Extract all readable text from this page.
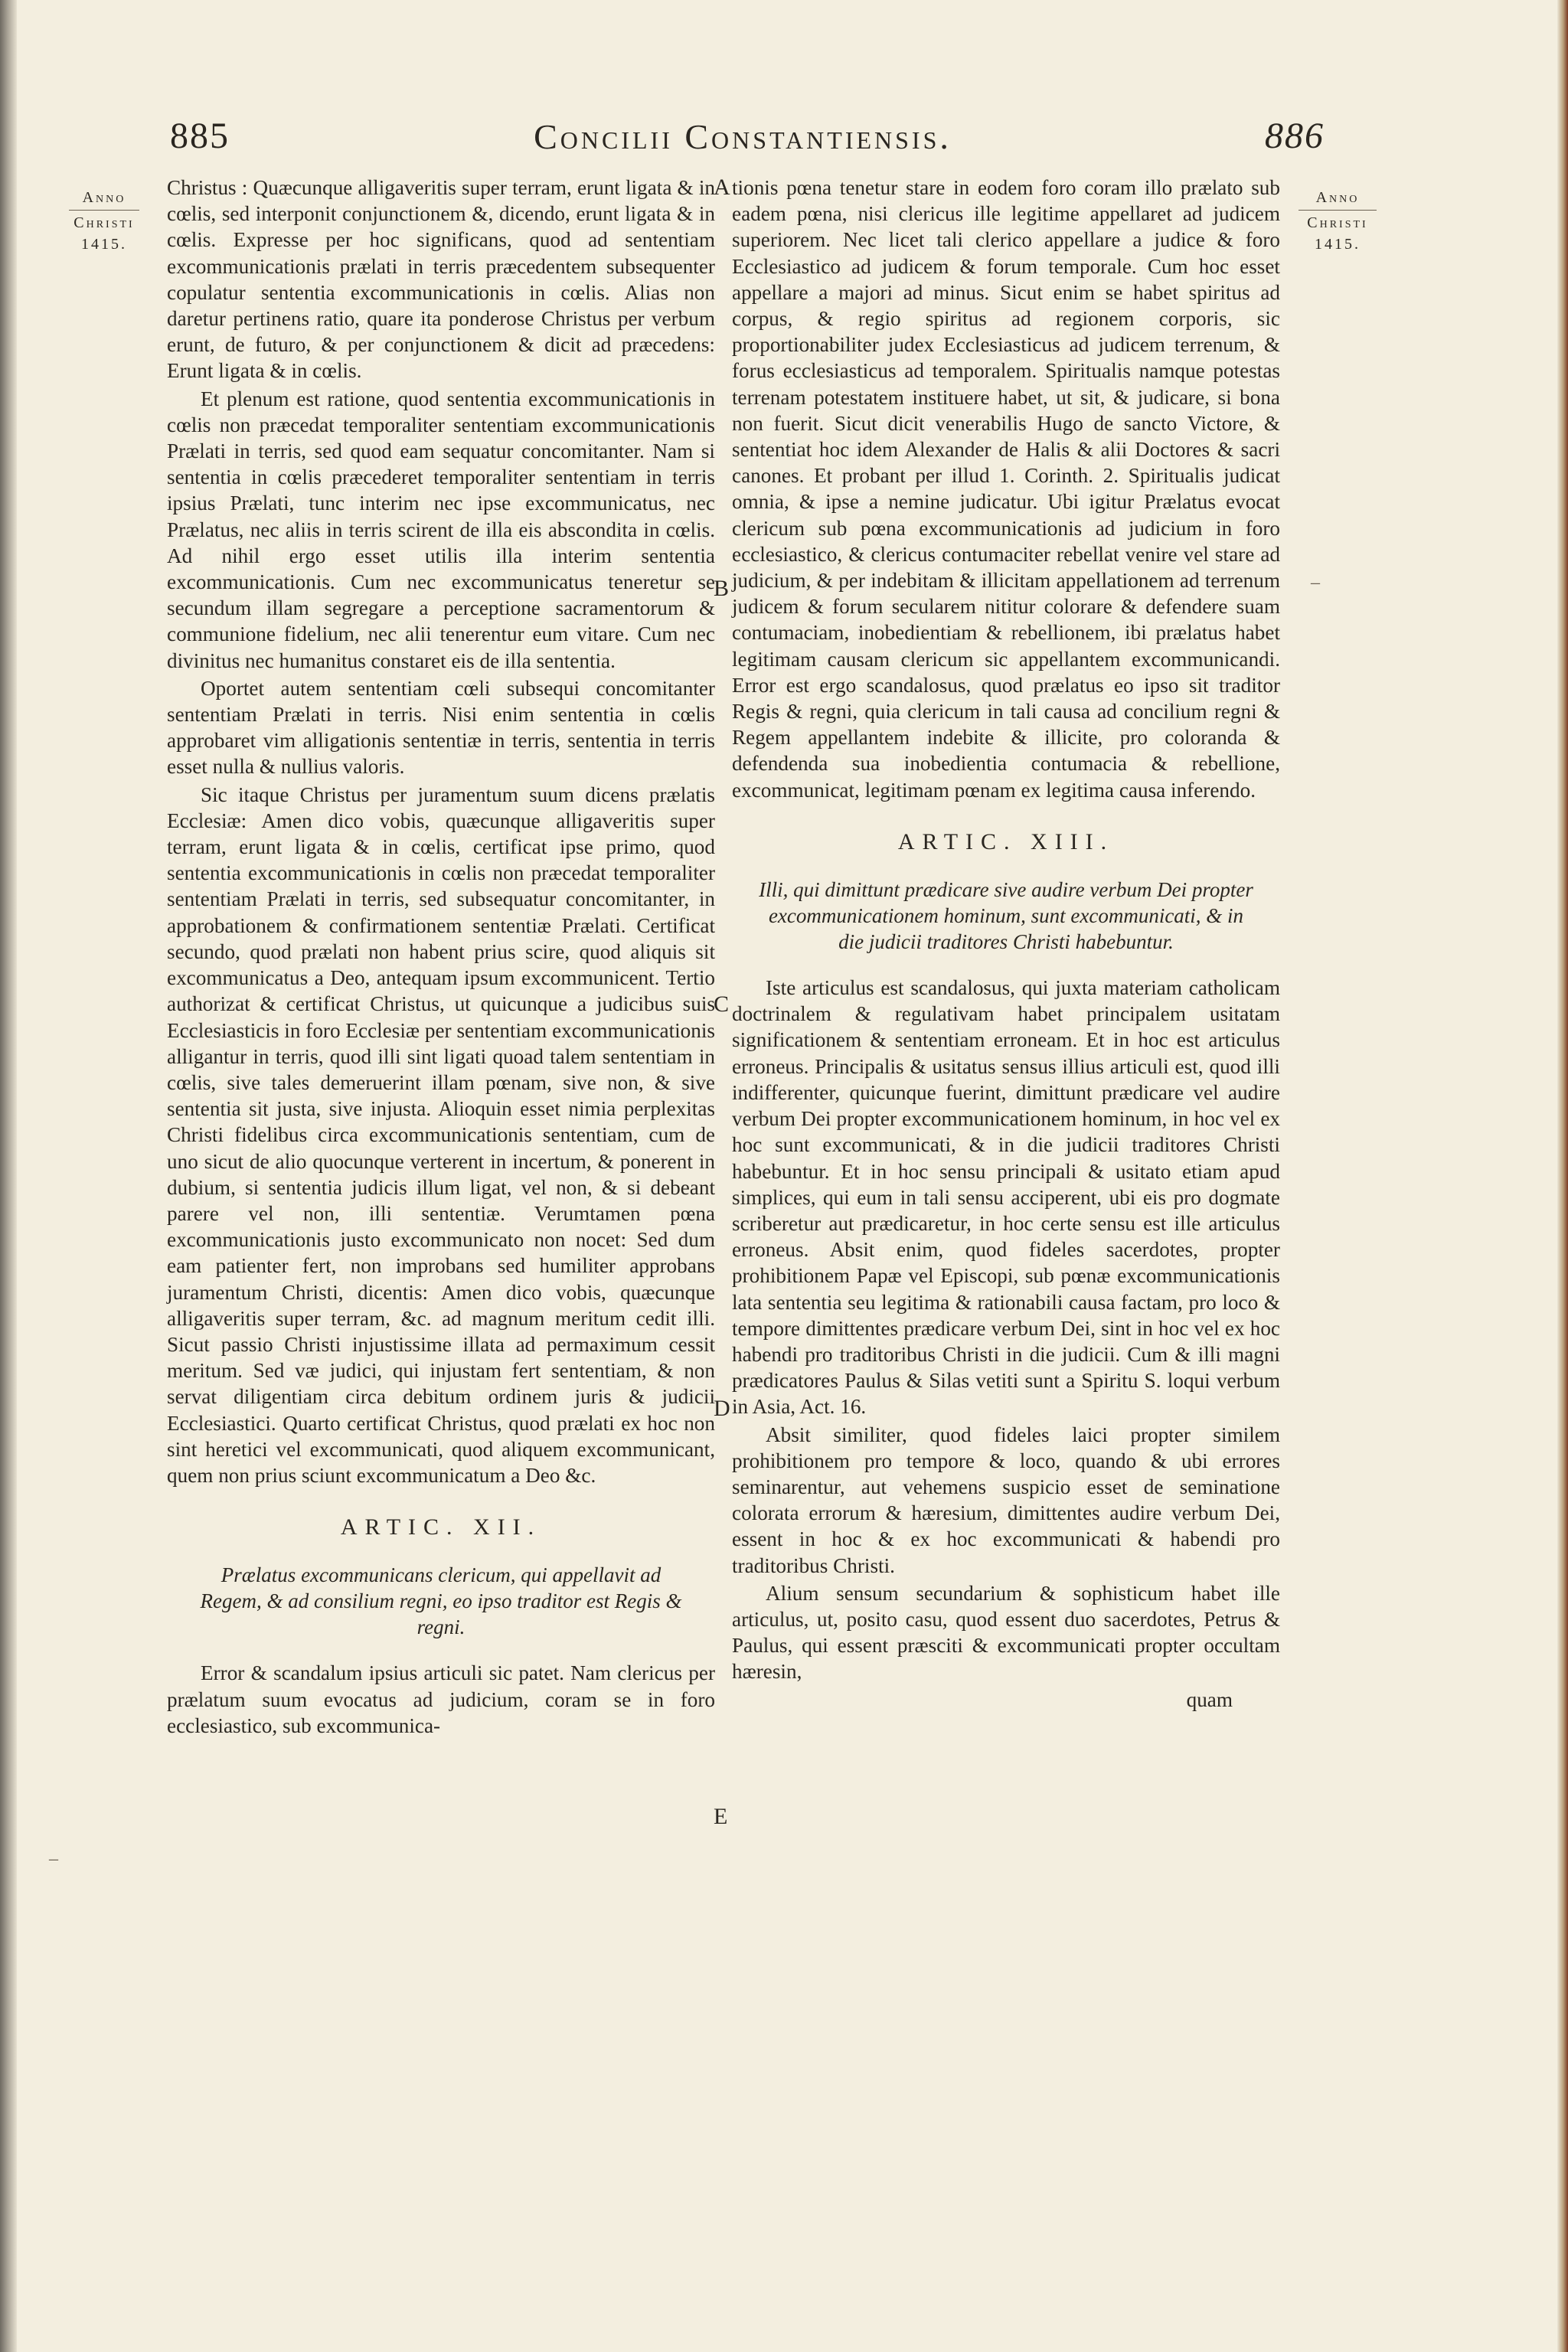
885	Concilii Constantiensis.	886
Anno
Christi
1415.
Anno
Christi
1415.
A
B
C
D
E
–
–

Christus : Quæcunque alligaveritis super terram, erunt ligata & in cœlis, sed interponit conjunctionem &, dicendo, erunt ligata & in cœlis. Expresse per hoc significans, quod ad sententiam excommunicationis prælati in terris præcedentem subsequenter copulatur sententia excommunicationis in cœlis. Alias non daretur pertinens ratio, quare ita ponderose Christus per verbum erunt, de futuro, & per conjunctionem & dicit ad præcedens: Erunt ligata & in cœlis.

Et plenum est ratione, quod sententia excommunicationis in cœlis non præcedat temporaliter sententiam excommunicationis Prælati in terris, sed quod eam sequatur concomitanter. Nam si sententia in cœlis præcederet temporaliter sententiam in terris ipsius Prælati, tunc interim nec ipse excommunicatus, nec Prælatus, nec aliis in terris scirent de illa eis abscondita in cœlis. Ad nihil ergo esset utilis illa interim sententia excommunicationis. Cum nec excommunicatus teneretur se secundum illam segregare a perceptione sacramentorum & communione fidelium, nec alii tenerentur eum vitare. Cum nec divinitus nec humanitus constaret eis de illa sententia.

Oportet autem sententiam cœli subsequi concomitanter sententiam Prælati in terris. Nisi enim sententia in cœlis approbaret vim alligationis sententiæ in terris, sententia in terris esset nulla & nullius valoris.

Sic itaque Christus per juramentum suum dicens prælatis Ecclesiæ: Amen dico vobis, quæcunque alligaveritis super terram, erunt ligata & in cœlis, certificat ipse primo, quod sententia excommunicationis in cœlis non præcedat temporaliter sententiam Prælati in terris, sed subsequatur concomitanter, in approbationem & confirmationem sententiæ Prælati. Certificat secundo, quod prælati non habent prius scire, quod aliquis sit excommunicatus a Deo, antequam ipsum excommunicent. Tertio authorizat & certificat Christus, ut quicunque a judicibus suis Ecclesiasticis in foro Ecclesiæ per sententiam excommunicationis alligantur in terris, quod illi sint ligati quoad talem sententiam in cœlis, sive tales demeruerint illam pœnam, sive non, & sive sententia sit justa, sive injusta. Alioquin esset nimia perplexitas Christi fidelibus circa excommunicationis sententiam, cum de uno sicut de alio quocunque verterent in incertum, & ponerent in dubium, si sententia judicis illum ligat, vel non, & si debeant parere vel non, illi sententiæ. Verumtamen pœna excommunicationis justo excommunicato non nocet: Sed dum eam patienter fert, non improbans sed humiliter approbans juramentum Christi, dicentis: Amen dico vobis, quæcunque alligaveritis super terram, &c. ad magnum meritum cedit illi. Sicut passio Christi injustissime illata ad permaximum cessit meritum. Sed væ judici, qui injustam fert sententiam, & non servat diligentiam circa debitum ordinem juris & judicii Ecclesiastici. Quarto certificat Christus, quod prælati ex hoc non sint heretici vel excommunicati, quod aliquem excommunicant, quem non prius sciunt excommunicatum a Deo &c.

ARTIC. XII.
Prælatus excommunicans clericum, qui appellavit ad Regem, & ad consilium regni, eo ipso traditor est Regis & regni.

Error & scandalum ipsius articuli sic patet. Nam clericus per prælatum suum evocatus ad judicium, coram se in foro ecclesiastico, sub excommunica-

tionis pœna tenetur stare in eodem foro coram illo prælato sub eadem pœna, nisi clericus ille legitime appellaret ad judicem superiorem. Nec licet tali clerico appellare a judice & foro Ecclesiastico ad judicem & forum temporale. Cum hoc esset appellare a majori ad minus. Sicut enim se habet spiritus ad corpus, & regio spiritus ad regionem corporis, sic proportionabiliter judex Ecclesiasticus ad judicem terrenum, & forus ecclesiasticus ad temporalem. Spiritualis namque potestas terrenam potestatem instituere habet, ut sit, & judicare, si bona non fuerit. Sicut dicit venerabilis Hugo de sancto Victore, & sententiat hoc idem Alexander de Halis & alii Doctores & sacri canones. Et probant per illud 1. Corinth. 2. Spiritualis judicat omnia, & ipse a nemine judicatur. Ubi igitur Prælatus evocat clericum sub pœna excommunicationis ad judicium in foro ecclesiastico, & clericus contumaciter rebellat venire vel stare ad judicium, & per indebitam & illicitam appellationem ad terrenum judicem & forum secularem nititur colorare & defendere suam contumaciam, inobedientiam & rebellionem, ibi prælatus habet legitimam causam clericum sic appellantem excommunicandi. Error est ergo scandalosus, quod prælatus eo ipso sit traditor Regis & regni, quia clericum in tali causa ad concilium regni & Regem appellantem indebite & illicite, pro coloranda & defendenda sua inobedientia contumacia & rebellione, excommunicat, legitimam pœnam ex legitima causa inferendo.

ARTIC. XIII.
Illi, qui dimittunt prædicare sive audire verbum Dei propter excommunicationem hominum, sunt excommunicati, & in die judicii traditores Christi habebuntur.

Iste articulus est scandalosus, qui juxta materiam catholicam doctrinalem & regulativam habet principalem usitatam significationem & sententiam erroneam. Et in hoc est articulus erroneus. Principalis & usitatus sensus illius articuli est, quod illi indifferenter, quicunque fuerint, dimittunt prædicare vel audire verbum Dei propter excommunicationem hominum, in hoc vel ex hoc sunt excommunicati, & in die judicii traditores Christi habebuntur. Et in hoc sensu principali & usitato etiam apud simplices, qui eum in tali sensu acciperent, ubi eis pro dogmate scriberetur aut prædicaretur, in hoc certe sensu est ille articulus erroneus. Absit enim, quod fideles sacerdotes, propter prohibitionem Papæ vel Episcopi, sub pœnæ excommunicationis lata sententia seu legitima & rationabili causa factam, pro loco & tempore dimittentes prædicare verbum Dei, sint in hoc vel ex hoc habendi pro traditoribus Christi in die judicii. Cum & illi magni prædicatores Paulus & Silas vetiti sunt a Spiritu S. loqui verbum in Asia, Act. 16.

Absit similiter, quod fideles laici propter similem prohibitionem pro tempore & loco, quando & ubi errores seminarentur, aut vehemens suspicio esset de seminatione colorata errorum & hæresium, dimittentes audire verbum Dei, essent in hoc & ex hoc excommunicati & habendi pro traditoribus Christi.

Alium sensum secundarium & sophisticum habet ille articulus, ut, posito casu, quod essent duo sacerdotes, Petrus & Paulus, qui essent præsciti & excommunicati propter occultam hæresin,

quam
